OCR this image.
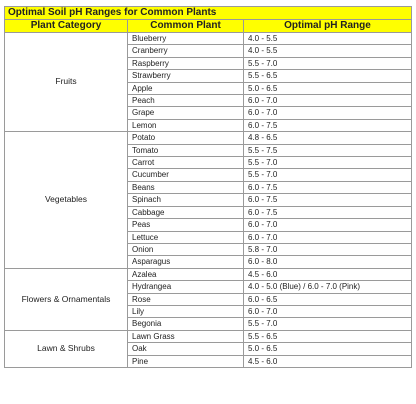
Optimal Soil pH Ranges for Common Plants		
Plant Category	Common Plant	Optimal pH Range
Fruits	Blueberry	4.0 - 5.5
	Cranberry	4.0 - 5.5
	Raspberry	5.5 - 7.0
	Strawberry	5.5 - 6.5
	Apple	5.0 - 6.5
	Peach	6.0 - 7.0
	Grape	6.0 - 7.0
	Lemon	6.0 - 7.5
Vegetables	Potato	4.8 - 6.5
	Tomato	5.5 - 7.5
	Carrot	5.5 - 7.0
	Cucumber	5.5 - 7.0
	Beans	6.0 - 7.5
	Spinach	6.0 - 7.5
	Cabbage	6.0 - 7.5
	Peas	6.0 - 7.0
	Lettuce	6.0 - 7.0
	Onion	5.8 - 7.0
	Asparagus	6.0 - 8.0
Flowers & Ornamentals	Azalea	4.5 - 6.0
	Hydrangea	4.0 - 5.0 (Blue) / 6.0 - 7.0 (Pink)
	Rose	6.0 - 6.5
	Lily	6.0 - 7.0
	Begonia	5.5 - 7.0
Lawn & Shrubs	Lawn Grass	5.5 - 6.5
	Oak	5.0 - 6.5
	Pine	4.5 - 6.0
